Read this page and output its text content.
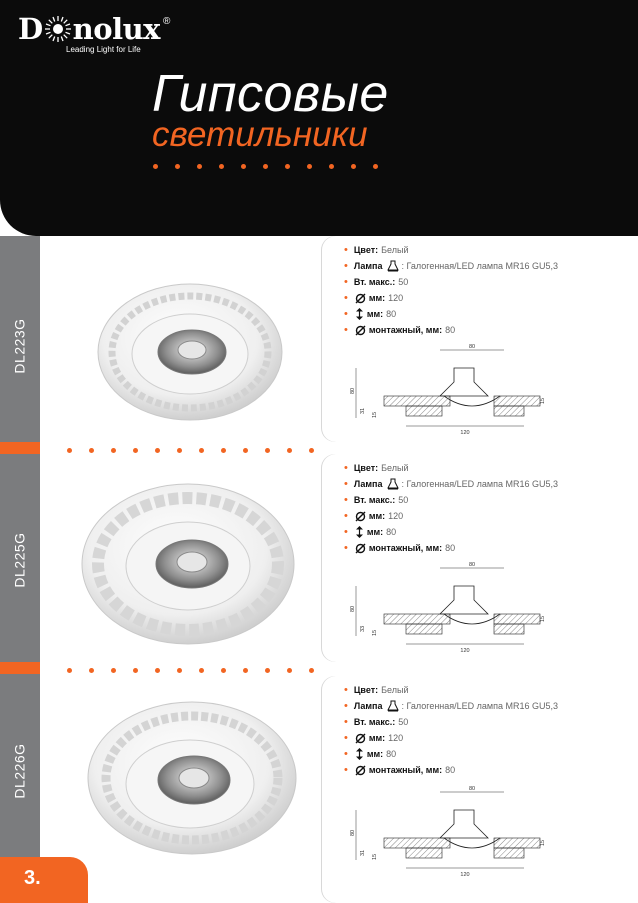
D nolux ®
Leading Light for Life
Гипсовые
светильники
DL223G
DL225G
DL226G
• Цвет: Белый
• Лампа : Галогенная/LED лампа MR16 GU5,3
• Вт. макс.: 50
• мм: 120
• мм: 80
• монтажный, мм: 80
80
120
80
31
15
15
• Цвет: Белый
• Лампа : Галогенная/LED лампа MR16 GU5,3
• Вт. макс.: 50
• мм: 120
• мм: 80
• монтажный, мм: 80
80
120
80
33
15
15
• Цвет: Белый
• Лампа : Галогенная/LED лампа MR16 GU5,3
• Вт. макс.: 50
• мм: 120
• мм: 80
• монтажный, мм: 80
80
120
80
31
15
15
3.
